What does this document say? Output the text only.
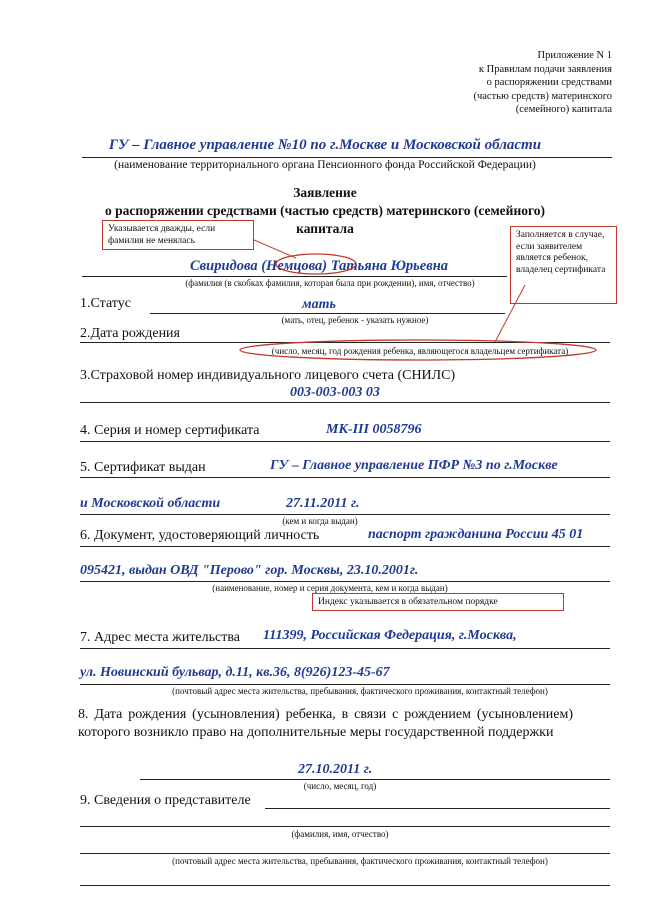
Приложение N 1
к Правилам подачи заявления
о распоряжении средствами
(частью средств) материнского
(семейного) капитала
ГУ – Главное управление №10 по г.Москве и Московской области
(наименование территориального органа Пенсионного фонда Российской Федерации)
Заявление
о распоряжении средствами (частью средств) материнского (семейного)
капитала
Указывается дважды, если фамилия не менялась
Заполняется в случае, если заявителем является ребенок, владелец сертификата
Свиридова (Немцова) Татьяна Юрьевна
(фамилия (в скобках фамилия, которая была при рождении), имя, отчество)
1.Статус	мать
(мать, отец, ребенок - указать нужное)
2.Дата рождения
(число, месяц, год рождения ребенка, являющегося владельцем сертификата)
3.Страховой номер индивидуального лицевого счета (СНИЛС)
003-003-003 03
4. Серия и номер сертификата	МК-III 0058796
5. Сертификат выдан	ГУ – Главное управление ПФР №3 по г.Москве
и Московской области	27.11.2011 г.
(кем и когда выдан)
6. Документ, удостоверяющий личность	паспорт гражданина России 45 01
095421, выдан ОВД "Перово" гор. Москвы, 23.10.2001г.
(наименование, номер и серия документа, кем и когда выдан)
Индекс указывается в обязательном порядке
7. Адрес места жительства 111399, Российская Федерация, г.Москва,
ул. Новинский бульвар, д.11, кв.36, 8(926)123-45-67
(почтовый адрес места жительства, пребывания, фактического проживания, контактный телефон)
8. Дата рождения (усыновления) ребенка, в связи с рождением (усыновлением) которого возникло право на дополнительные меры государственной поддержки
27.10.2011 г.
(число, месяц, год)
9. Сведения о представителе
(фамилия, имя, отчество)
(почтовый адрес места жительства, пребывания, фактического проживания, контактный телефон)
